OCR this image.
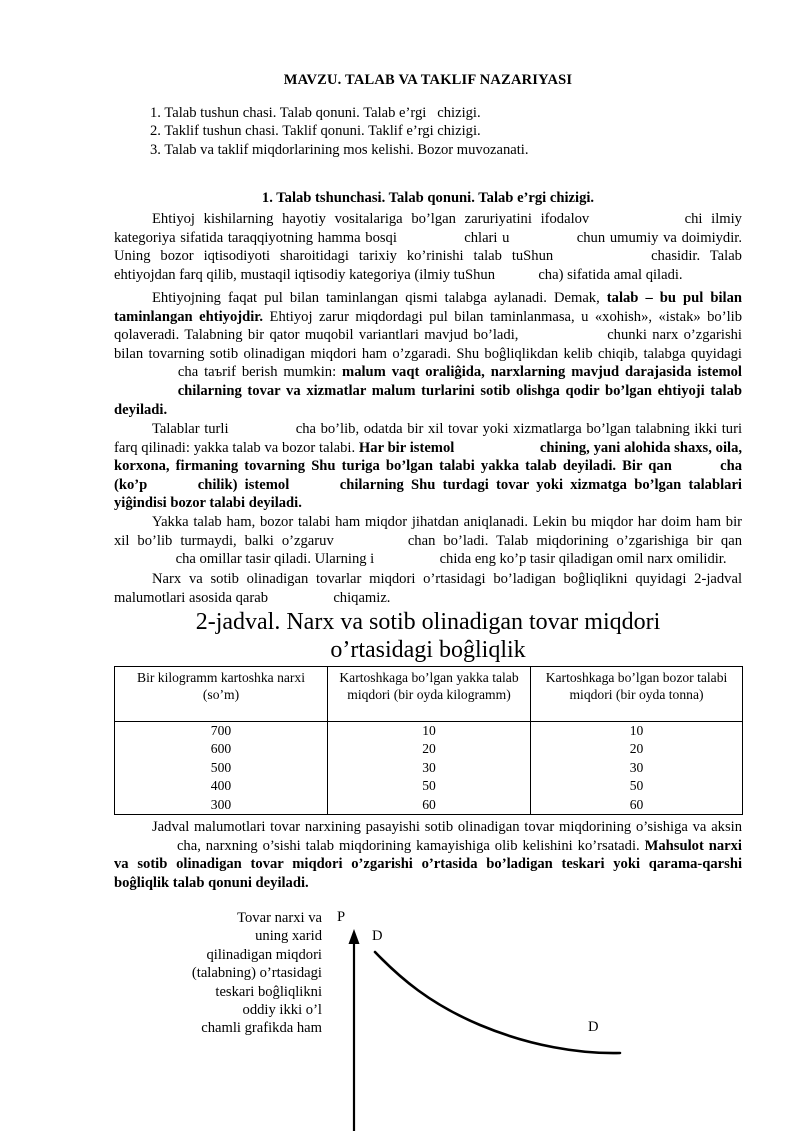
MAVZU. TALAB VA TAKLIF NAZARIYASI
1. Talab tushun chasi. Talab qonuni. Talab e’rgi   chizigi.
2. Taklif tushun chasi. Taklif qonuni. Taklif e’rgi chizigi.
3. Talab va taklif miqdorlarining mos kelishi. Bozor muvozanati.
1. Talab tshunchasi. Talab qonuni. Talab e’rgi chizigi.

Ehtiyoj kishilarning hayotiy vositalariga bo’lgan zaruriyatini ifodalov	chi ilmiy kategoriya sifatida taraqqiyotning hamma bosqi	chlari u	chun umumiy va doimiydir. Uning bozor iqtisodiyoti sharoitidagi tarixiy ko’rinishi talab tuShun	chasidir. Talab ehtiyojdan farq qilib, mustaqil iqtisodiy kategoriya (ilmiy tuShun	cha) sifatida amal qiladi.

Ehtiyojning faqat pul bilan taminlangan qismi talabga aylanadi. Demak, talab – bu pul bilan taminlangan ehtiyojdir. Ehtiyoj zarur miqdordagi pul bilan taminlanmasa, u «xohish», «istak» bo’lib qolaveradi. Talabning bir qator muqobil variantlari mavjud bo’ladi,	chunki narx o’zgarishi bilan tovarning sotib olinadigan miqdori ham o’zgaradi. Shu boĝliqlikdan kelib chiqib, talabga quyidagi  cha taъrif berish mumkin: malum vaqt oraliĝida, narxlarning mavjud darajasida istemol  chilarning tovar va xizmatlar malum turlarini sotib olishga qodir bo’lgan ehtiyoji talab deyiladi.

Talablar turli	cha bo’lib, odatda bir xil tovar yoki xizmatlarga bo’lgan talabning ikki turi farq qilinadi: yakka talab va bozor talabi. Har bir istemol	chining, yani alohida shaxs, oila, korxona, firmaning tovarning Shu turiga bo’lgan talabi yakka talab deyiladi. Bir qan	cha (ko’p	chilik) istemol	chilarning Shu turdagi tovar yoki xizmatga bo’lgan talablari yiĝindisi bozor talabi deyiladi.

Yakka talab ham, bozor talabi ham miqdor jihatdan aniqlanadi. Lekin bu miqdor har doim ham bir xil bo’lib turmaydi, balki o’zgaruv	chan bo’ladi. Talab miqdorining o’zgarishiga bir qan  cha omillar tasir qiladi. Ularning i	chida eng ko’p tasir qiladigan omil narx omilidir.

Narx va sotib olinadigan tovarlar miqdori o’rtasidagi bo’ladigan boĝliqlikni quyidagi 2-jadval malumotlari asosida qarab	chiqamiz.

2-jadval. Narx va sotib olinadigan tovar miqdori
o’rtasidagi boĝliqlik
Bir kilogramm kartoshka narxi (so’m)	Kartoshkaga bo’lgan yakka talab miqdori (bir oyda kilogramm)	Kartoshkaga bo’lgan bozor talabi miqdori (bir oyda tonna)
700	10	10
600	20	20
500	30	30
400	50	50
300	60	60

Jadval malumotlari tovar narxining pasayishi sotib olinadigan tovar miqdorining o’sishiga va aksin  cha, narxning o’sishi talab miqdorining kamayishiga olib kelishini ko’rsatadi. Mahsulot narxi va sotib olinadigan tovar miqdori o’zgarishi o’rtasida bo’ladigan teskari yoki qarama-qarshi boĝliqlik talab qonuni deyiladi.

Tovar narxi va
uning xarid
qilinadigan miqdori
(talabning) o’rtasidagi
teskari boĝliqlikni
oddiy ikki o’l
chamli grafikda ham
P
D
D
